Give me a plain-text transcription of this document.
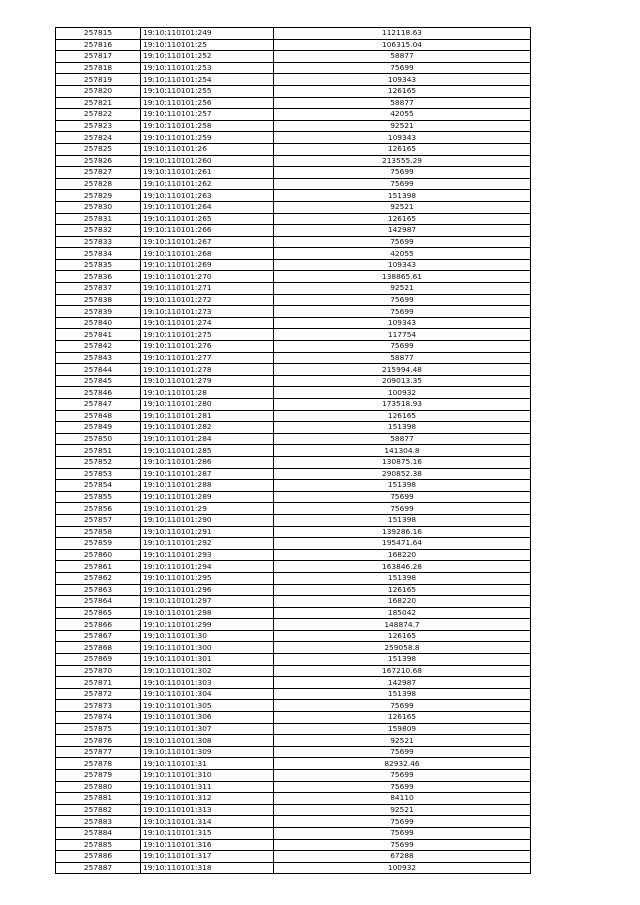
257815	19:10:110101:249	112118.63
257816	19:10:110101:25	106315.04
257817	19:10:110101:252	58877
257818	19:10:110101:253	75699
257819	19:10:110101:254	109343
257820	19:10:110101:255	126165
257821	19:10:110101:256	58877
257822	19:10:110101:257	42055
257823	19:10:110101:258	92521
257824	19:10:110101:259	109343
257825	19:10:110101:26	126165
257826	19:10:110101:260	213555.29
257827	19:10:110101:261	75699
257828	19:10:110101:262	75699
257829	19:10:110101:263	151398
257830	19:10:110101:264	92521
257831	19:10:110101:265	126165
257832	19:10:110101:266	142987
257833	19:10:110101:267	75699
257834	19:10:110101:268	42055
257835	19:10:110101:269	109343
257836	19:10:110101:270	138865.61
257837	19:10:110101:271	92521
257838	19:10:110101:272	75699
257839	19:10:110101:273	75699
257840	19:10:110101:274	109343
257841	19:10:110101:275	117754
257842	19:10:110101:276	75699
257843	19:10:110101:277	58877
257844	19:10:110101:278	215994.48
257845	19:10:110101:279	209013.35
257846	19:10:110101:28	100932
257847	19:10:110101:280	173518.93
257848	19:10:110101:281	126165
257849	19:10:110101:282	151398
257850	19:10:110101:284	58877
257851	19:10:110101:285	141304.8
257852	19:10:110101:286	130875.16
257853	19:10:110101:287	290852.38
257854	19:10:110101:288	151398
257855	19:10:110101:289	75699
257856	19:10:110101:29	75699
257857	19:10:110101:290	151398
257858	19:10:110101:291	139286.16
257859	19:10:110101:292	195471.64
257860	19:10:110101:293	168220
257861	19:10:110101:294	163846.28
257862	19:10:110101:295	151398
257863	19:10:110101:296	126165
257864	19:10:110101:297	168220
257865	19:10:110101:298	185042
257866	19:10:110101:299	148874.7
257867	19:10:110101:30	126165
257868	19:10:110101:300	259058.8
257869	19:10:110101:301	151398
257870	19:10:110101:302	167210.68
257871	19:10:110101:303	142987
257872	19:10:110101:304	151398
257873	19:10:110101:305	75699
257874	19:10:110101:306	126165
257875	19:10:110101:307	159809
257876	19:10:110101:308	92521
257877	19:10:110101:309	75699
257878	19:10:110101:31	82932.46
257879	19:10:110101:310	75699
257880	19:10:110101:311	75699
257881	19:10:110101:312	84110
257882	19:10:110101:313	92521
257883	19:10:110101:314	75699
257884	19:10:110101:315	75699
257885	19:10:110101:316	75699
257886	19:10:110101:317	67288
257887	19:10:110101:318	100932
